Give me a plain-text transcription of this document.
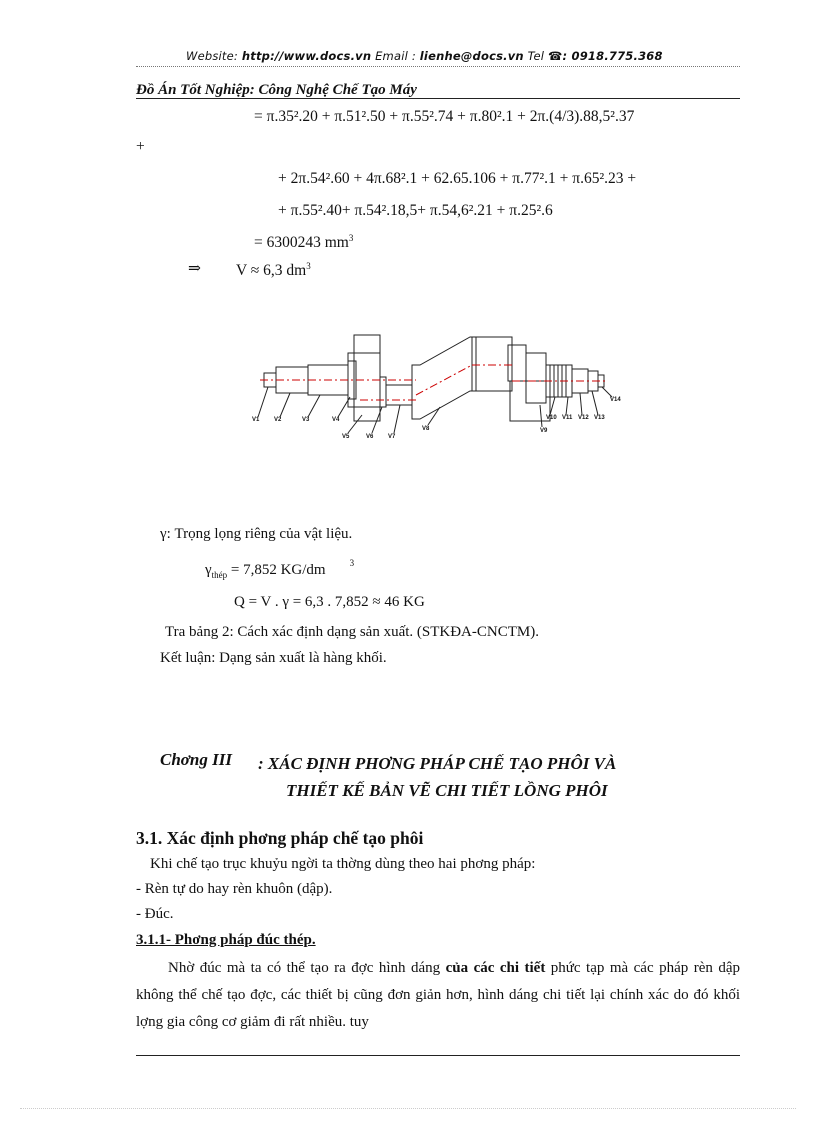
Website: http://www.docs.vn Email : lienhe@docs.vn Tel ☎: 0918.775.368
Đồ Án Tốt Nghiệp: Công Nghệ Chế Tạo Máy
= π.35².20 + π.51².50 + π.55².74 + π.80².1 + 2π.(4/3).88,5².37
+
+ 2π.54².60 + 4π.68².1 + 62.65.106 + π.77².1 + π.65².23 +
+ π.55².40+ π.54².18,5+ π.54,6².21 + π.25².6
= 6300243 $mm^3$
⇒ V ≈ 6,3 $dm^3$
V1 V2	V3	V4
V5	V6 V7
V8	V9
V10 V11 V12 V13
V14
γ: Trọng lọng riêng của vật liệu.
$\gamma_{thép} = 7,852$ KG/dm	$^3$
Q = V . γ = 6,3 . 7,852 ≈ 46 KG
Tra bảng 2: Cách xác định dạng sản xuất. (STKĐA-CNCTM).
Kết luận: Dạng sản xuất là hàng khối.
Chơng III : XÁC ĐỊNH PHƠNG PHÁP CHẾ TẠO PHÔI VÀ
THIẾT KẾ BẢN VẼ CHI TIẾT LỒNG PHÔI
3.1. Xác định phơng pháp chế tạo phôi
Khi chế tạo trục khuỷu ngời ta thờng dùng theo hai phơng pháp:
- Rèn tự do hay rèn khuôn (dập).
- Đúc.
3.1.1- Phơng pháp đúc thép.
Nhờ đúc mà ta có thể tạo ra đợc hình dáng của các chi tiết phức tạp mà các pháp rèn dập không thể chế tạo đợc, các thiết bị cũng đơn giản hơn, hình dáng chi tiết lại chính xác do đó khối lợng gia công cơ giảm đi rất nhiều. tuy
